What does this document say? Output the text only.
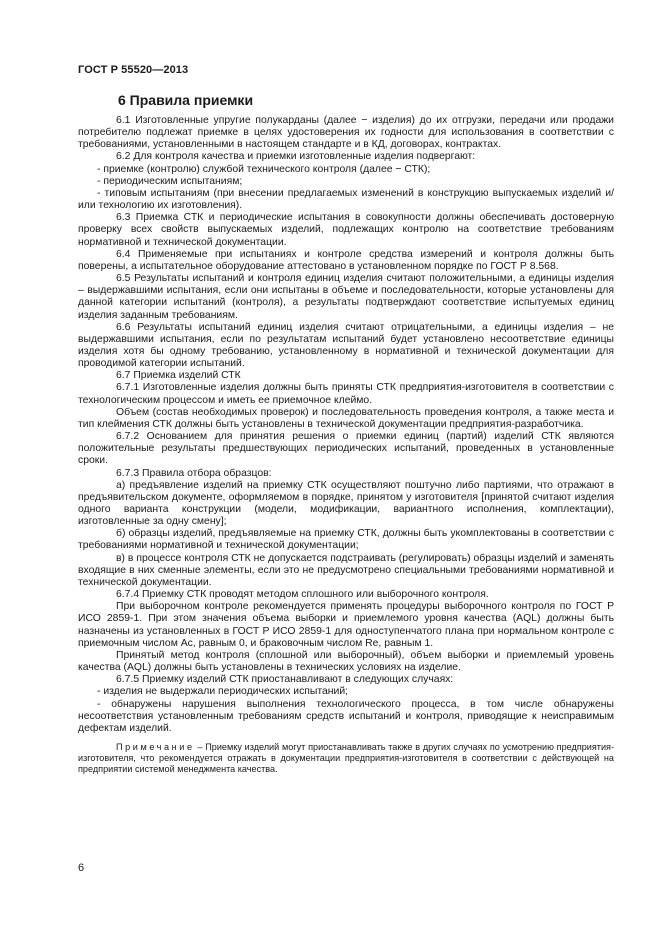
ГОСТ Р 55520—2013
6 Правила приемки

6.1 Изготовленные упругие полукарданы (далее − изделия) до их отгрузки, передачи или продажи потребителю подлежат приемке в целях удостоверения их годности для использования в соответствии с требованиями, установленными в настоящем стандарте и в КД, договорах, контрактах.

6.2 Для контроля качества и приемки изготовленные изделия подвергают:

- приемке (контролю) службой технического контроля (далее − СТК);

- периодическим испытаниям;

- типовым испытаниям (при внесении предлагаемых изменений в конструкцию выпускаемых изделий и/или технологию их изготовления).

6.3 Приемка СТК и периодические испытания в совокупности должны обеспечивать достоверную проверку всех свойств выпускаемых изделий, подлежащих контролю на соответствие требованиям нормативной и технической документации.

6.4 Применяемые при испытаниях и контроле средства измерений и контроля должны быть поверены, а испытательное оборудование аттестовано в установленном порядке по ГОСТ Р 8.568.

6.5 Результаты испытаний и контроля единиц изделия считают положительными, а единицы изделия – выдержавшими испытания, если они испытаны в объеме и последовательности, которые установлены для данной категории испытаний (контроля), а результаты подтверждают соответствие испытуемых единиц изделия заданным требованиям.

6.6 Результаты испытаний единиц изделия считают отрицательными, а единицы изделия – не выдержавшими испытания, если по результатам испытаний будет установлено несоответствие единицы изделия хотя бы одному требованию, установленному в нормативной и технической документации для проводимой категории испытаний.

6.7 Приемка изделий СТК

6.7.1 Изготовленные изделия должны быть приняты СТК предприятия-изготовителя в соответствии с технологическим процессом и иметь ее приемочное клеймо.

Объем (состав необходимых проверок) и последовательность проведения контроля, а также места и тип клеймения СТК должны быть установлены в технической документации предприятия-разработчика.

6.7.2 Основанием для принятия решения о приемки единиц (партий) изделий СТК являются положительные результаты предшествующих периодических испытаний, проведенных в установленные сроки.

6.7.3 Правила отбора образцов:

а) предъявление изделий на приемку СТК осуществляют поштучно либо партиями, что отражают в предъявительском документе, оформляемом в порядке, принятом у изготовителя [принятой считают изделия одного варианта конструкции (модели, модификации, вариантного исполнения, комплектации), изготовленные за одну смену];

б) образцы изделий, предъявляемые на приемку СТК, должны быть укомплектованы в соответствии с требованиями нормативной и технической документации;

в) в процессе контроля СТК не допускается подстраивать (регулировать) образцы изделий и заменять входящие в них сменные элементы, если это не предусмотрено специальными требованиями нормативной и технической документации.

6.7.4 Приемку СТК проводят методом сплошного или выборочного контроля.

При выборочном контроле рекомендуется применять процедуры выборочного контроля по ГОСТ Р ИСО 2859-1. При этом значения объема выборки и приемлемого уровня качества (AQL) должны быть назначены из установленных в ГОСТ Р ИСО 2859-1 для одноступенчатого плана при нормальном контроле с приемочным числом Ac, равным 0, и браковочным числом Re, равным 1.

Принятый метод контроля (сплошной или выборочный), объем выборки и приемлемый уровень качества (AQL) должны быть установлены в технических условиях на изделие.

6.7.5 Приемку изделий СТК приостанавливают в следующих случаях:

- изделия не выдержали периодических испытаний;

- обнаружены нарушения выполнения технологического процесса, в том числе обнаружены несоответствия установленным требованиям средств испытаний и контроля, приводящие к неисправимым дефектам изделий.

Примечание – Приемку изделий могут приостанавливать также в других случаях по усмотрению предприятия-изготовителя, что рекомендуется отражать в документации предприятия-изготовителя в соответствии с действующей на предприятии системой менеджмента качества.

6
